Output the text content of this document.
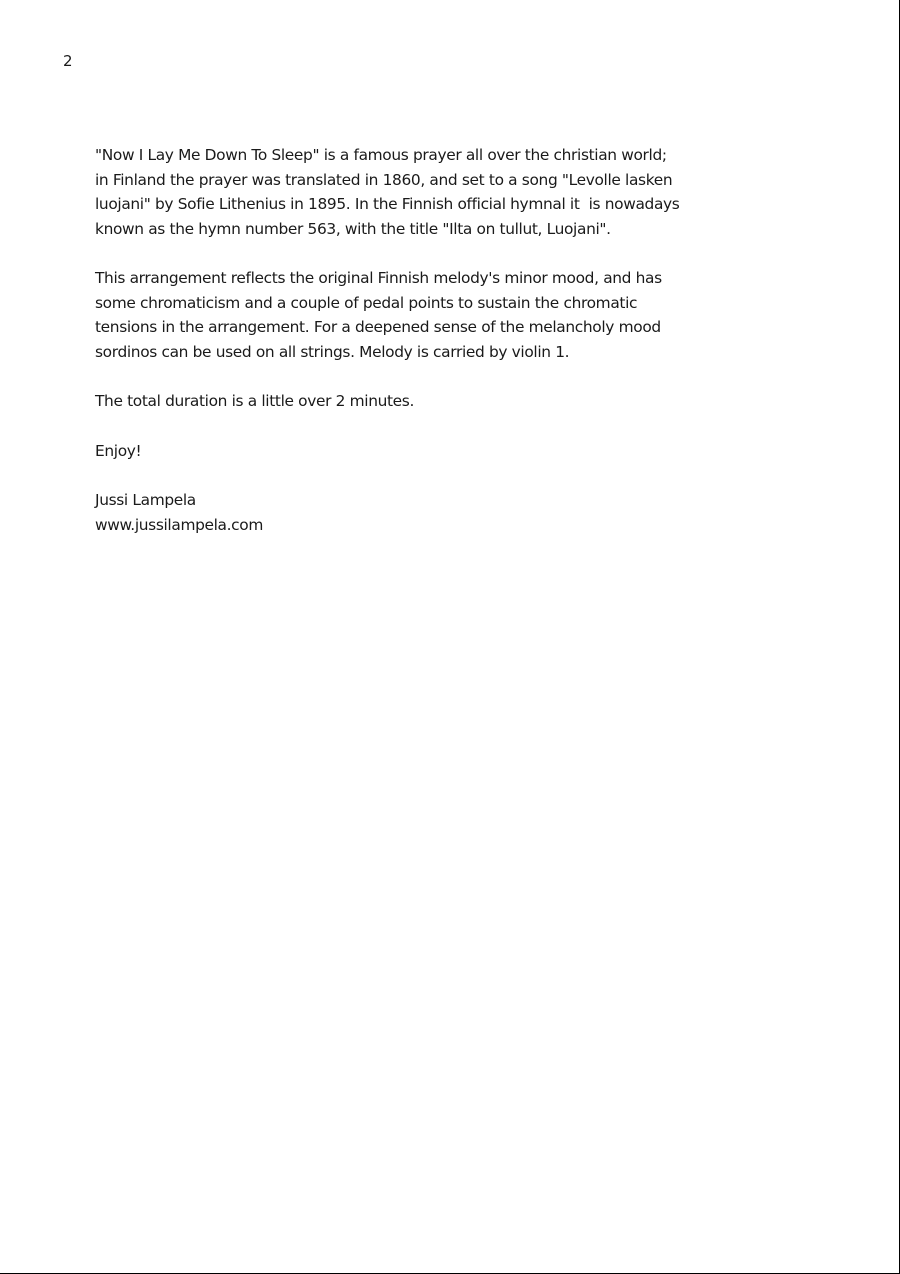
2

"Now I Lay Me Down To Sleep" is a famous prayer all over the christian world;
in Finland the prayer was translated in 1860, and set to a song "Levolle lasken
luojani" by Sofie Lithenius in 1895. In the Finnish official hymnal it  is nowadays
known as the hymn number 563, with the title "Ilta on tullut, Luojani".

This arrangement reflects the original Finnish melody's minor mood, and has
some chromaticism and a couple of pedal points to sustain the chromatic
tensions in the arrangement. For a deepened sense of the melancholy mood
sordinos can be used on all strings. Melody is carried by violin 1.

The total duration is a little over 2 minutes.

Enjoy!

Jussi Lampela
www.jussilampela.com
